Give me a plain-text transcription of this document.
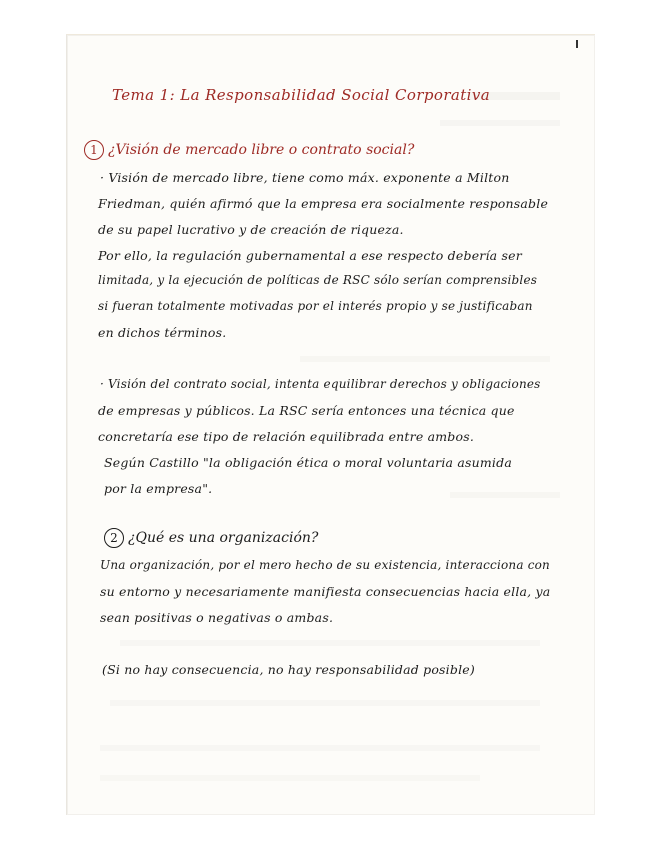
Tema 1: La Responsabilidad Social Corporativa
1 ¿Visión de mercado libre o contrato social?
· Visión de mercado libre, tiene como máx. exponente a Milton
Friedman, quién afirmó que la empresa era socialmente responsable
de su papel lucrativo y de creación de riqueza.
Por ello, la regulación gubernamental a ese respecto debería ser
limitada, y la ejecución de políticas de RSC sólo serían comprensibles
si fueran totalmente motivadas por el interés propio y se justificaban
en dichos términos.
· Visión del contrato social, intenta equilibrar derechos y obligaciones
de empresas y públicos. La RSC sería entonces una técnica que
concretaría ese tipo de relación equilibrada entre ambos.
Según Castillo "la obligación ética o moral voluntaria asumida
por la empresa".
2 ¿Qué es una organización?
Una organización, por el mero hecho de su existencia, interacciona con
su entorno y necesariamente manifiesta consecuencias hacia ella, ya
sean positivas o negativas o ambas.
(Si no hay consecuencia, no hay responsabilidad posible)
